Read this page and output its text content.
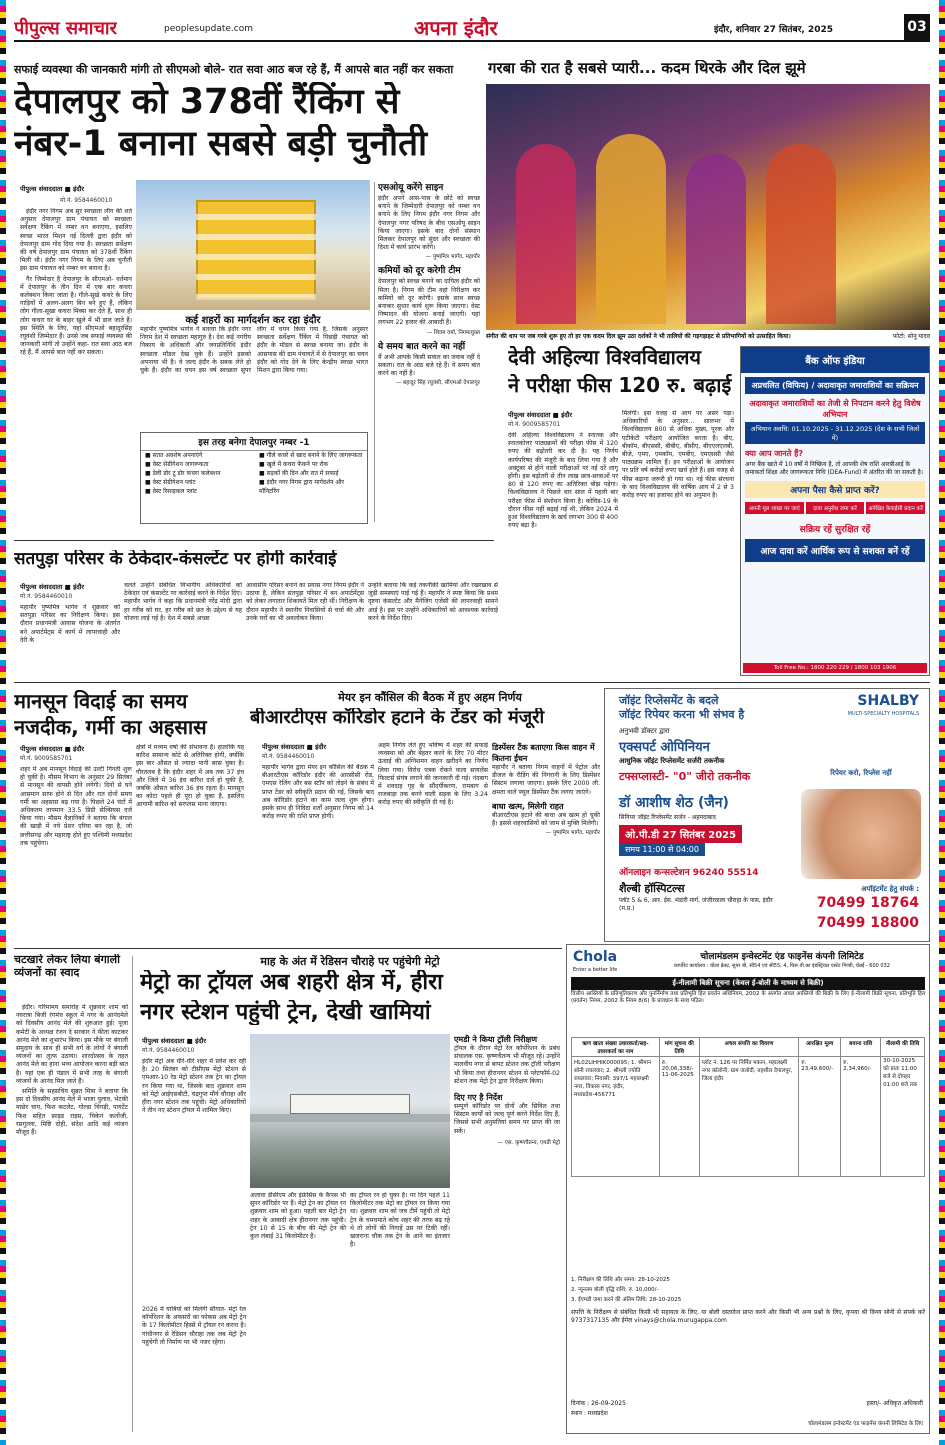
पीपुल्स समाचार	peoplesupdate.com	अपना इंदौर	इंदौर, शनिवार 27 सितंबर, 2025	03
सफाई व्यवस्था की जानकारी मांगी तो सीएमओ बोले- रात सवा आठ बज रहे हैं, मैं आपसे बात नहीं कर सकता
देपालपुर को 378वीं रैंकिंग से
नंबर-1 बनाना सबसे बड़ी चुनौती
पीपुल्स संवाददाता ■ इंदौर
मो.नं. 9584460010

इंदौर नगर निगम अब सुर स्वच्छता लीग की शर्त अनुसार देपालपुर ग्राम पंचायत को स्वच्छता सर्वेक्षण रैंकिंग में नम्बर वन बनाएगा, इसलिए स्वच्छ भारत मिशन नई दिल्ली द्वारा इंदौर को देपालपुर ग्राम गोद दिया गया है। स्वच्छता सर्वेक्षण की वर्ष देपालपुर ग्राम पंचायत को 378वीं रैंकिंग मिली थी। इंदौर नगर निगम के लिए अब चुनौती इस ग्राम पंचायत को नम्बर वन बनाना है।

गैर जिम्मेदार है देपालपुर के सीएमओ- वर्तमान में देपालपुर के तीन दिन में एक बार कचरा कलेक्शन किया जाता है। गीले-सूखे कचरे के लिए गाड़ियों में अलग-अलग बिन बने हुए हैं, लेकिन लोग गीला-सूखा कचरा मिक्स कर देते हैं, साथ ही लोग कचरा घर के बाहर खुले में भी डाल जाते हैं। इस स्थिति के लिए, यहां सीएमओ बहादुरसिंह रघुवंशी जिम्मेदार हैं। उनसे जब सफाई व्यवस्था की जानकारी मांगी तो उन्होंने कहा- रात सवा आठ बज रहे हैं, मैं आपसे बात नहीं कर सकता।

कई शहरों का मार्गदर्शन कर रहा इंदौर
महापौर पुष्यमित्र भार्गव ने बताया कि इंदौर नगर निगम देश में स्वच्छता महागुरु है। देश कई नगरीय निकाय के अधिकारी और जनप्रतिनिधि इंदौर स्वच्छता मॉडल देख चुके हैं। उन्होंने इसको अपनाया भी है। वे जल्द इंदौर के सबक लेते हो चुके हैं। इंदौर का चयन इस वर्ष स्वच्छता सुपर लीग में चयन किया गया है, जिसके अनुसार स्वच्छता सर्वेक्षण रैंकिंग में पिछड़ी पंचायत को इंदौर के मॉडल से स्वच्छ बनाया जा। इंदौर के आसपास की ग्राम पंचायतें में से देपालपुर का चयन इंदौर को गोद देने के लिए केन्द्रीय स्वच्छ भारत मिशन द्वारा किया गया।
इस तरह बनेगा देपालपुर नम्बर -1
■ सतत अवशेष अपनाएंगे
■ वेस्ट सेग्रीगेशन जागरूकता
■ डेली डोर टू डोर कचरा कलेक्शन
■ वेस्ट सेग्रीगेशन प्लांट
■ वेस्ट रिसाइकल प्लांट
■ गीले कचरे से खाद बनाने के लिए जागरूकता
■ खुले में कचरा फेंकने पर रोक
■ सड़कों की दिन और रात में सफाई
■ इंदौर नगर निगम द्वारा मार्गदर्शन और मॉनिटरिंग
एसओयू करेंगे साइन
इंदौर अपने आस-पास के छोटे को स्वच्छ बनाने के जिम्मेदारी देपालपुर को नम्बर वन बनाने के लिए निगम इंदौर नगर निगम और देपालपुर नगर परिषद के बीच एसओयू साइन किया जाएगा। इसके बाद दोनों संस्थान मिलकर देपालपुर को सुंदर और स्वच्छता की दिशा में कार्य प्रारंभ करेंगे।
— पुष्यमित्र भार्गव, महापौर
कमियों को दूर करेगी टीम
देपालपुर को स्वच्छ बनाने का दायित्व इंदौर को मिला है। निगम की टीम वहां निरीक्षण कर कमियों को दूर करेगी। इसके साथ स्वच्छ बनाकर सुधार कार्य शुरू किया जाएगा। वेस्ट निष्पादन की योजना बनाई जाएगी। यहां लगभग 22 हजार की आबादी है।
— शिवम वर्मा, निगमायुक्त
ये समय बात करने का नहीं
मैं अभी आपके किसी सवाल का जवाब नहीं दे सकता। रात के आठ बजे रहे हैं। ये समय बात करने का नहीं है।
— बहादुर सिंह रघुवंशी, सीएमओ देपालपुर
गरबा की रात है सबसे प्यारी... कदम थिरके और दिल झूमे
संगीत की धाप पर जब गरबे शुरू हुए तो हर एक कदम दिल झूम उठा दर्शकों ने भी तालियों की गड़गड़ाहट से प्रतिभागियों को उत्साहित किया।	फोटो: सोनू यादव
देवी अहिल्या विश्वविद्यालय
ने परीक्षा फीस 120 रु. बढ़ाई
पीपुल्स संवाददाता ■ इंदौर
मो.नं. 9009585701
देवी अहिल्या विश्वविद्यालय ने स्नातक और स्नातकोत्तर पाठ्यक्रमों की परीक्षा फीस में 120 रुपए की बढ़ोतरी कर दी है। यह निर्णय कार्यपरिषद की मंजूरी के बाद लिया गया है और अक्टूबर से होने वाली परीक्षाओं पर नई दरें लागू होंगी। इस बढ़ोतरी से तीन लाख छात्र-छात्राओं पर 80 से 120 रुपए का अतिरिक्त बोझ पड़ेगा। विश्वविद्यालय ने पिछले चार साल में पहली बार परीक्षा फीस में संशोधन किया है। कोविड-19 के दौरान फीस नहीं बढ़ाई गई थी, लेकिन 2024 में हुआ विश्वविद्यालय के खर्च लगभग 300 से 400 रुपए बढ़ा है।
मिलेगी। इस वजह से आय पर असर पड़ा। अधिकारियों के अनुसार... सालभर में विश्वविद्यालय 800 से अधिक मुख्य, पूरक और एटीकेटी परीक्षाएं आयोजित करता है। बीए, बीकॉम, बीएससी, बीबीए, बीसीए, बीएएलएलबी, बीजे, एमए, एमकॉम, एमबीए, एमएससी जैसे पाठ्यक्रम शामिल हैं। इन परीक्षाओं के आयोजन पर प्रति वर्ष करोड़ों रुपए खर्च होते हैं। इस वजह से फीस बढ़ाना जरूरी हो गया था। नई फीस संरचना के बाद विश्वविद्यालय की वार्षिक आय में 2 से 3 करोड़ रुपए का इजाफा होने का अनुमान है।
बैंक ऑफ इंडिया
अप्रचलित (विफिय) / अदावाकृत जमाराशियों का सक्रियन
अदावाकृत जमाराशियों का तेजी से निपटान करने हेतु विशेष अभियान
अभियान अवधि: 01.10.2025 - 31.12.2025 (देश के सभी जिलों में)
क्या आप जानते हैं?
अगर बैंक खाते में 10 वर्षों में निष्क्रिय है, तो आपकी शेष राशि आरबीआई के जमाकर्ता शिक्षा और जागरूकता निधि (DEA-Fund) में अंतरित की जा सकती है।
अपना पैसा कैसे प्राप्त करें?
अपनी मूल शाखा पर जाएं	दावा अनुरोध जमा करें	अपेक्षित केवाईसी प्रदान करें
सक्रिय रहें सुरक्षित रहें
आज दावा करें आर्थिक रूप से सशक्त बनें रहें
Toll Free No.: 1800 220 229 / 1800 103 1906
सतपुड़ा परिसर के ठेकेदार-कंसल्टेंट पर होगी कार्रवाई
पीपुल्स संवाददाता ■ इंदौर
मो.नं. 9584460010
महापौर पुष्यमित्र भार्गव ने शुक्रवार को सतपुड़ा परिसर का निरीक्षण किया। इस दौरान प्रधानमंत्री आवास योजना के अंतर्गत बने अपार्टमेंट्स में कार्य में लापरवाही और देरी के
चलते उन्होंने संबंधित विभागीय अधिकारियों को ठेकेदार एवं कंसल्टेंट पर कार्रवाई करने के निर्देश दिए। महापौर भार्गव ने कहा कि प्रधानमंत्री नरेंद्र मोदी द्वारा हर गरीब को घर, हर गरीब को छत के उद्देश्य से यह योजना लाई गई है। देश में सबसे अच्छा
आवासीय परिसर बनाने का प्रयास नगर निगम इंदौर ने उठाया है, लेकिन सतपुड़ा परिसर में बन अपार्टमेंट्स को लेकर लगातार शिकायतें मिल रही थीं। निरीक्षण के दौरान महापौर ने स्थानीय निवासियों से चर्चा की और उनके घरों का भी अवलोकन किया।
उन्होंने बताया कि कई तकनीकी खामियां और रखरखाव से जुड़ी समस्याएं पाई गई हैं। महापौर ने स्पष्ट किया कि प्रथम दृष्टया कंसल्टेंट और मैनेजिंग एजेंसी की लापरवाही सामने आई है। इस पर उन्होंने अधिकारियों को आवश्यक कार्रवाई करने के निर्देश दिए।
मानसून विदाई का समय
नजदीक, गर्मी का अहसास
पीपुल्स संवाददाता ■ इंदौर
मो.नं. 9009585701
शहर में अब मानसून विदाई की उल्टी गिनती शुरू हो चुकी है। मौसम विभाग के अनुसार 29 सितंबर से मानसून की वापसी होने लगेगी। दिनों से घने आसमान साफ होने से दिन और रात दोनों समय गर्मी का अहसास बढ़ गया है। पिछले 24 घंटों में अधिकतम तापमान 33.5 डिग्री सेल्सियस दर्ज किया गया। मौसम वैज्ञानिकों ने बताया कि बंगाल की खाड़ी में नये प्रेशर एरिया बन रहा है, जो छत्तीसगढ़ और महाराष्ट्र होते हुए पश्चिमी मध्यप्रदेश तक पहुंचेगा।
क्षेत्रों में मध्यम वर्षा की संभावना है। हालांकि यह बारिश सामान्य कोटे से अतिरिक्त होगी, क्योंकि इस बार औसत से ज्यादा पानी बरस चुका है। गौरतलब है कि इंदौर शहर में अब तक 37 इंच और जिले में 36 इंच बारिश दर्ज हो चुकी है, जबकि औसत बारिश 36 इंच रहता है। मानसून का कोटा पहले ही पूरा हो चुका है, इसलिए आगामी बारिश को सरप्लस माना जाएगा।
मेयर इन कौंसिल की बैठक में हुए अहम निर्णय
बीआरटीएस कॉरिडोर हटाने के टेंडर को मंजूरी
पीपुल्स संवाददाता ■ इंदौर
मो.नं. 9584460010
महापौर भार्गव द्वारा मेयर इन कौंसिल की बैठक में बीआरटीएस कॉरिडोर इंदौर की आरसीसी रोड, एमएस रेलिंग और बस स्टॉप को तोड़ने के संबंध में प्राप्त टेंडर को स्वीकृति प्रदान की गई, जिसके बाद अब कॉरिडोर हटाने का काम जल्द शुरू होगा। इसके साथ ही निविदा शर्तों अनुसार निगम को 14 करोड़ रुपए की राशि प्राप्त होगी।
अहम निर्णय लेते हुए भविष्य में शहर की सफाई व्यवस्था को और बेहतर करने के लिए 70 मीटर ऊंचाई की अग्निशमन वाहन खरीदने का निर्णय लिया गया। विरोध पत्रक रोकने वाला सायलेंस फिल्टर्स संयंत्र लगाने की जानकारी दी गई। नंदबाग में शवदाह गृह के सौंदर्यीकरण, रामबाग से राजबाड़ा तक बनने वाली सड़क के लिए 3.24 करोड़ रुपए की स्वीकृति दी गई है।
डिस्पेंसर टैंक बताएगा किस वाहन में कितना ईंधन
महापौर ने बताया निगम वाहनों में पेट्रोल और डीजल के रीडिंग की निगरानी के लिए डिस्पेंसर सिस्टम लगाया जाएगा। इसके लिए 2000 ली. क्षमता वाले फ्यूल डिस्पेंसर टैंक लगाए जाएंगे।
बाधा खत्म, मिलेगी राहत
बीआरटीएस हटाने की बाधा अब खत्म हो चुकी है। इससे शहरवासियों को जाम से मुक्ति मिलेगी।
— पुष्यमित्र भार्गव, महापौर
जॉइंट रिप्लेसमेंट के बदले
जॉइंट रिपेयर करना भी संभव है
SHALBY
MULTI-SPECIALTY HOSPITALS
अनुभवी डॉक्टर द्वारा
एक्सपर्ट ओपिनियन
आधुनिक जॉइंट रिप्लेसमेंट सर्जरी तकनीक
टफ्सप्लास्टी- "0" जीरो तकनीक
डॉ आशीष शेठ (जैन)
सिनियर जॉइंट रिप्लेसमेंट सर्जन - अहमदाबाद
ओ.पी.डी 27 सितंबर 2025
समय 11:00 से 04:00
ऑनलाइन कन्सल्टेशन 96240 55514
शैल्बी हॉस्पिटल्स
प्लॉट 5 & 6, आर. ईस. भंडारी मार्ग, जंजीरवाला चौराहा के पास, इंदौर (म.प्र.)
रिपेयर करो, रिप्लेस नहीं
अपॉइंटमेंट हेतु संपर्क :
70499 18764
70499 18800
चटखारे लेकर लिया बंगाली व्यंजनों का स्वाद

इंदौर। गरिमामय समारोह में शुक्रवार शाम को नवरात्रा बिजी रंगमंच स्कूल में नगर के आनंदमेले को दिवसीय आनंद मेले की शुरुआत हुई। पूजा कमेटी के अध्यक्ष रंजन दे सरकार ने फीता काटकर आनंद मेले का शुभारंभ किया। इस मौके पर बंगाली समुदाय के साथ ही सभी वर्ग के लोगों ने बंगाली व्यंजनों का लुत्फ उठाया। शारदोत्सव के तहत आनंद मेले का हाना भव्य आयोजन करना बड़ी बात है। यहां एक ही पंडाल में सभी तरह के बंगाली व्यंजनों के आनंद मिल जाते हैं।

समिति के सहसचिव सुब्रत मित्रा ने बताया कि इस दो दिवसीय आनंद मेले में भाजा पुलाव, भेटकी माछेर चाप, फिश कटलेट, गोल्डा चिंगड़ी, पायटेंट फिश सहित फ्राइड राइस, चिकेन कलोंजी, रसगुल्ला, मिष्टि दोही, संदेश आदि कई व्यंजन मौजूद हैं।

माह के अंत में रेडिसन चौराहे पर पहुंचेगी मेट्रो
मेट्रो का ट्रॉयल अब शहरी क्षेत्र में, हीरा
नगर स्टेशन पहुंची ट्रेन, देखी खामियां
पीपुल्स संवाददाता ■ इंदौर
मो.नं. 9584460010
इंदौर मेट्रो अब धीरे-धीरे शहर में प्रवेश कर रही है। 20 सितंबर को टीसीएस मेट्रो स्टेशन से एमआर-10 रेड मेट्रो स्टेशन तक ट्रेन का ट्रॉयल रन किया गया था, जिसके बाद शुक्रवार शाम को मेट्रो आईएसबीटी, चंद्रगुप्त मौर्य चौराहा और हीरा नगर स्टेशन तक पहुंची। मेट्रो अधिकारियों ने तीन नए स्टेशन ट्रॉयल में शामिल किए।
2026 में यात्रियों को मिलेगी सौगात- मेट्रो रेल कॉर्पोरेशन के अफसरों का फोकस अब मेट्रो ट्रेन के 17 किलोमीटर हिस्से में ट्रॉयल रन करना है। गांधीनगर से रेडिसन चौराहा तक जब मेट्रो ट्रेन पहुंचेगी तो निर्माण पर भी नजर रहेगा।
अलावा डीसीएम और इंफ्रेसिस के कैंपस भी सुपर कॉरिडोर पर हैं। मेट्रो ट्रेन का ट्रॉयल रन शुक्रवार शाम को हुआ। पहली बार मेट्रो ट्रेन शहर के आबादी क्षेत्र हीरानगर तक पहुंची। ट्रेन 10 से 15 के बीच की मेट्रो ट्रेन की कुल लंबाई 31 किलोमीटर है।
का ट्रॉयल रन हो चुका है। पर दिन पहले 11 किलोमीटर तक मेट्रो का ट्रॉयल रन किया गया था। शुक्रवार शाम को जब टीमें पहुंची तो मेट्रो ट्रेन के चमचमाते कोच शहर की तरफ बढ़ रहे थे तो लोगों की निगाहें उस पर टिकी रहीं। खजराना चौक तक ट्रेन के आने का इंतजार है।
एमडी ने किया ट्रॉली निरीक्षण
ट्रॉयल के दौरान मेट्रो रेल कॉर्पोरेशन के प्रबंध संचालक एस. कृष्णचैतन्य भी मौजूद रहे। उन्होंने मालवीय नगर से बापट स्टेशन तक ट्रॉली परीक्षण भी किया तथा हीरानगर स्टेशन से प्लेटफॉर्म-02 स्टेशन तक मेट्रो ट्रेन द्वारा निरीक्षण किया।
दिए गए है निर्देश
सम्पूर्ण कॉरिडोर पर दोनों और सिविल तथा सिस्टम कार्यों को जल्द पूर्ण करने निर्देश दिए हैं, जिससे सभी अनुमतियां समय पर प्राप्त की जा सकें।
— एस. कृष्णचैतन्य, एमडी मेट्रो
Chola
Enter a better life
चोलामंडलम इन्वेस्टमेंट एंड फाइनेंस कंपनी लिमिटेड
कार्पोरेट कार्यालय : चोला क्रेस्ट, सुपर बी, सी54 एवं सी55, 4, थिरू.वी.का इंडस्ट्रियल एस्टेट गिण्डी, चेन्नई - 600 032
ई-नीलामी बिक्री सूचना (केवल ई-बोली के माध्यम से बिक्री)
वित्तीय आस्तियों के प्रतिभूतिकरण और पुनर्निर्माण तथा प्रतिभूति हित प्रवर्तन अधिनियम, 2002 के अंतर्गत अचल आस्तियों की बिक्री के लिए ई-नीलामी बिक्री सूचना, प्रतिभूति हित (प्रवर्तन) नियम, 2002 के नियम 8(6) के प्रावधान के साथ पठित।
ऋण खाता संख्या उधारकर्ता/सह-उधारकर्ता का नाम	मांग सूचना की तिथि	अचल संपत्ति का विवरण	आरक्षित मूल्य	बयाना राशि	नीलामी की तिथि
HL02LIHHIK000095; 1. श्रीमान सोनी रायलवार; 2. श्रीमती ज्योति रायलवार; निवासी: 397/1 महालक्ष्मी नगर, विकास नगर, इंदौर, मध्यप्रदेश-456771	रु. 20,06,338/- 11-06-2025	प्लॉट नं. 126 पर निर्मित मकान, महालक्ष्मी नगर कॉलोनी, ग्राम जलोदी, तहसील देपालपुर, जिला इंदौर	रु. 23,49,600/-	रु. 2,34,960/-	30-10-2025 को प्रातः 11:00 बजे से दोपहर 01:00 बजे तक
1. निरीक्षण की तिथि और समय: 28-10-2025
2. न्यूनतम बोली वृद्धि राशि: रु. 10,000/-
3. ईएमडी जमा करने की अंतिम तिथि: 28-10-2025
संपत्ति के निरीक्षण से संबंधित किसी भी सहायता के लिए, या बोली दस्तावेज प्राप्त करने और किसी भी अन्य प्रश्नों के लिए, कृपया श्री विनय सोनी से संपर्क करें 9737317135 और ईमेल vinays@chola.murugappa.com
दिनांक : 26-09-2025
स्थान : मध्यप्रदेश
हस्ता/- अधिकृत अधिकारी
चोलामंडलम इन्वेस्टमेंट एंड फाइनेंस कंपनी लिमिटेड के लिए
